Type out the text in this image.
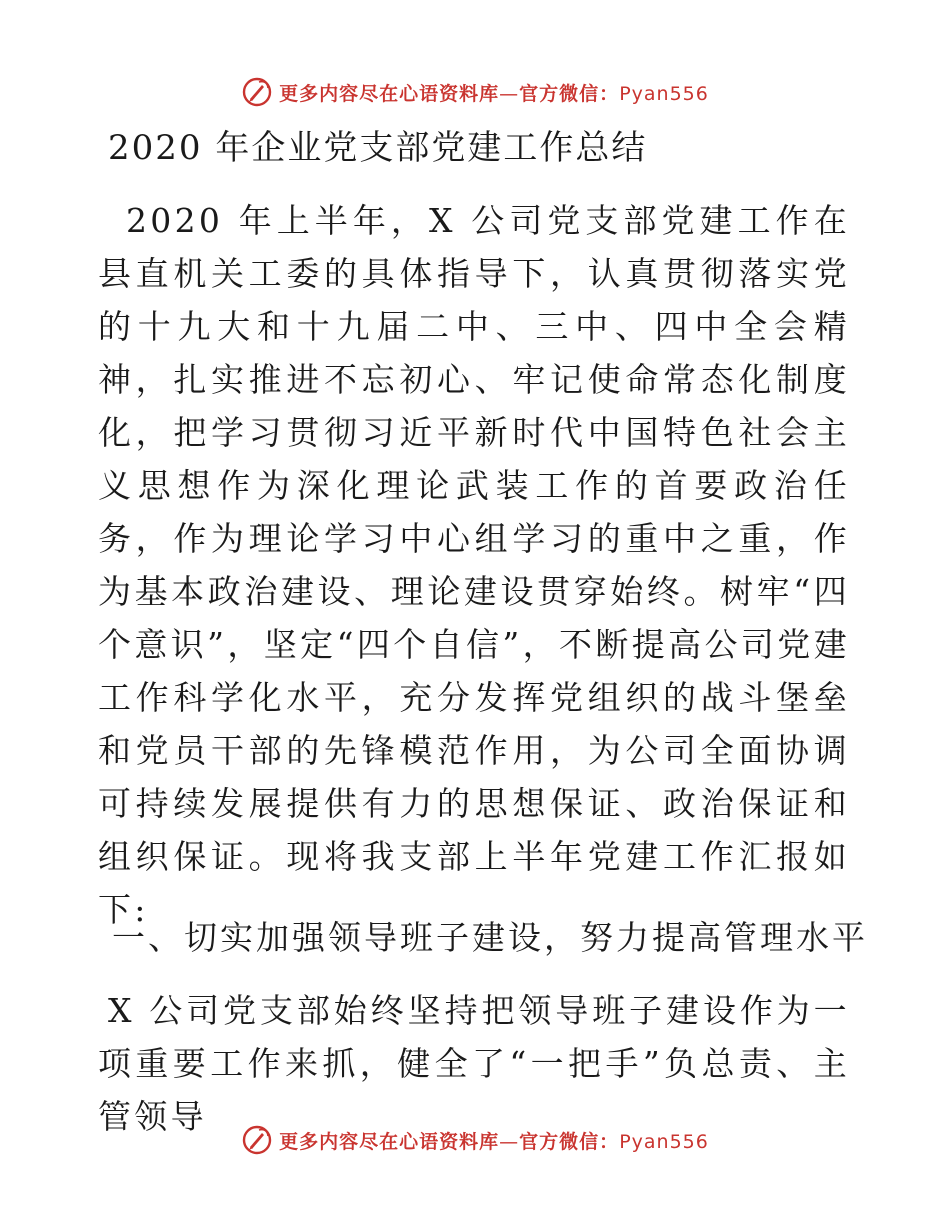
更多内容尽在心语资料库—官方微信：Pyan556
2020 年企业党支部党建工作总结

2020 年上半年，X 公司党支部党建工作在县直机关工委的具体指导下，认真贯彻落实党的十九大和十九届二中、三中、四中全会精神，扎实推进不忘初心、牢记使命常态化制度化，把学习贯彻习近平新时代中国特色社会主义思想作为深化理论武装工作的首要政治任务，作为理论学习中心组学习的重中之重，作为基本政治建设、理论建设贯穿始终。树牢“四个意识”，坚定“四个自信”，不断提高公司党建工作科学化水平，充分发挥党组织的战斗堡垒和党员干部的先锋模范作用，为公司全面协调可持续发展提供有力的思想保证、政治保证和组织保证。现将我支部上半年党建工作汇报如下:

一、切实加强领导班子建设，努力提高管理水平

X 公司党支部始终坚持把领导班子建设作为一项重要工作来抓，健全了“一把手”负总责、主管领导

更多内容尽在心语资料库—官方微信：Pyan556
